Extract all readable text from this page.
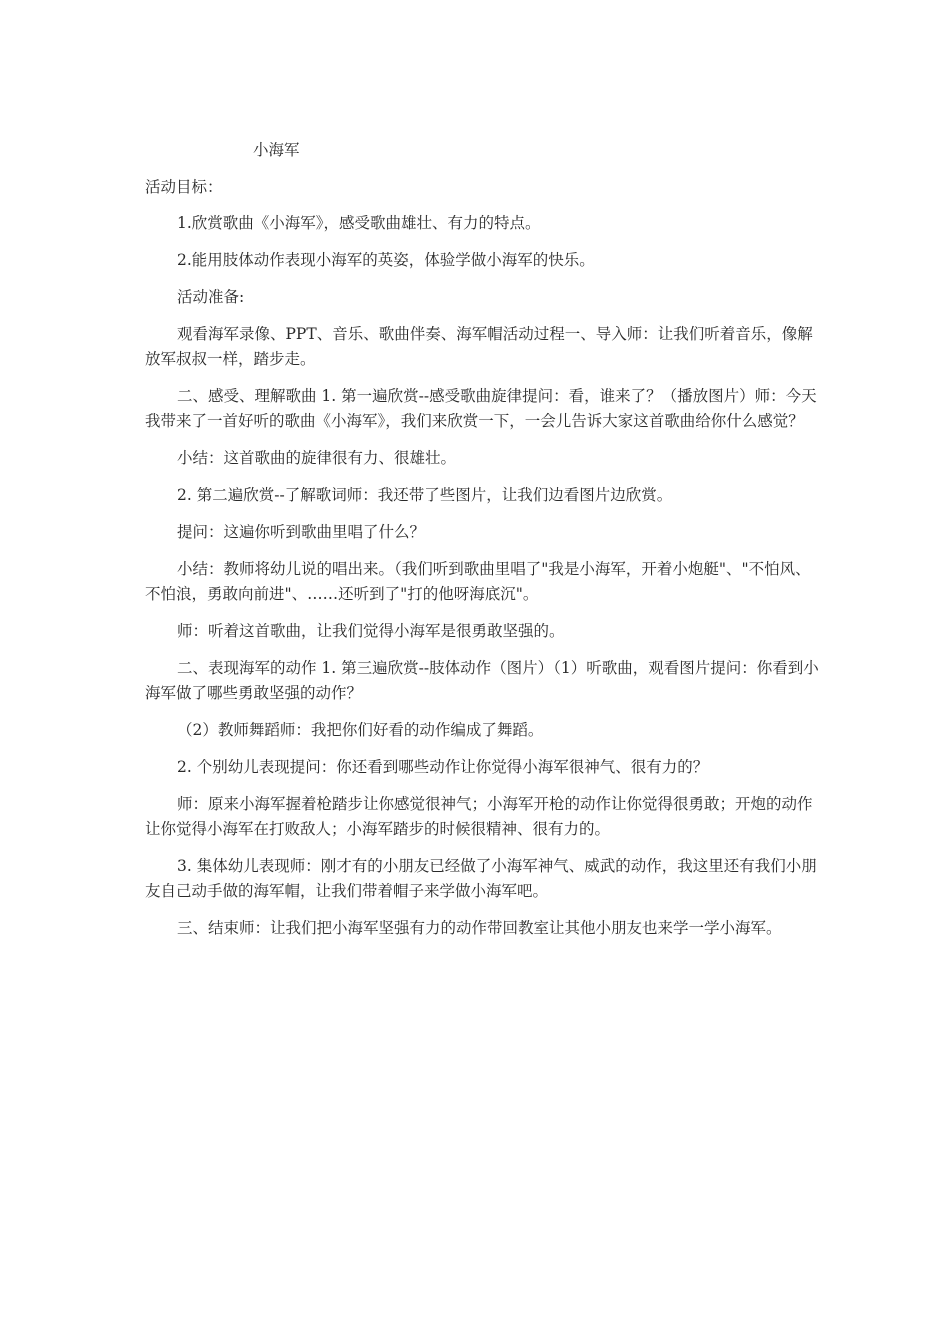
小海军
活动目标：

1.欣赏歌曲《小海军》，感受歌曲雄壮、有力的特点。

2.能用肢体动作表现小海军的英姿，体验学做小海军的快乐。

活动准备:

观看海军录像、PPT、音乐、歌曲伴奏、海军帽活动过程一、导入师：让我们听着音乐，像解放军叔叔一样，踏步走。

二、感受、理解歌曲 1. 第一遍欣赏--感受歌曲旋律提问：看，谁来了？（播放图片）师：今天我带来了一首好听的歌曲《小海军》，我们来欣赏一下，一会儿告诉大家这首歌曲给你什么感觉？

小结：这首歌曲的旋律很有力、很雄壮。

2. 第二遍欣赏--了解歌词师：我还带了些图片，让我们边看图片边欣赏。

提问：这遍你听到歌曲里唱了什么？

小结：教师将幼儿说的唱出来。（我们听到歌曲里唱了"我是小海军，开着小炮艇"、"不怕风、不怕浪，勇敢向前进"、……还听到了"打的他呀海底沉"。

师：听着这首歌曲，让我们觉得小海军是很勇敢坚强的。

二、表现海军的动作 1. 第三遍欣赏--肢体动作（图片）（1）听歌曲，观看图片提问：你看到小海军做了哪些勇敢坚强的动作？

（2）教师舞蹈师：我把你们好看的动作编成了舞蹈。

2. 个别幼儿表现提问：你还看到哪些动作让你觉得小海军很神气、很有力的？

师：原来小海军握着枪踏步让你感觉很神气；小海军开枪的动作让你觉得很勇敢；开炮的动作让你觉得小海军在打败敌人；小海军踏步的时候很精神、很有力的。

3. 集体幼儿表现师：刚才有的小朋友已经做了小海军神气、威武的动作，我这里还有我们小朋友自己动手做的海军帽，让我们带着帽子来学做小海军吧。

三、结束师：让我们把小海军坚强有力的动作带回教室让其他小朋友也来学一学小海军。
